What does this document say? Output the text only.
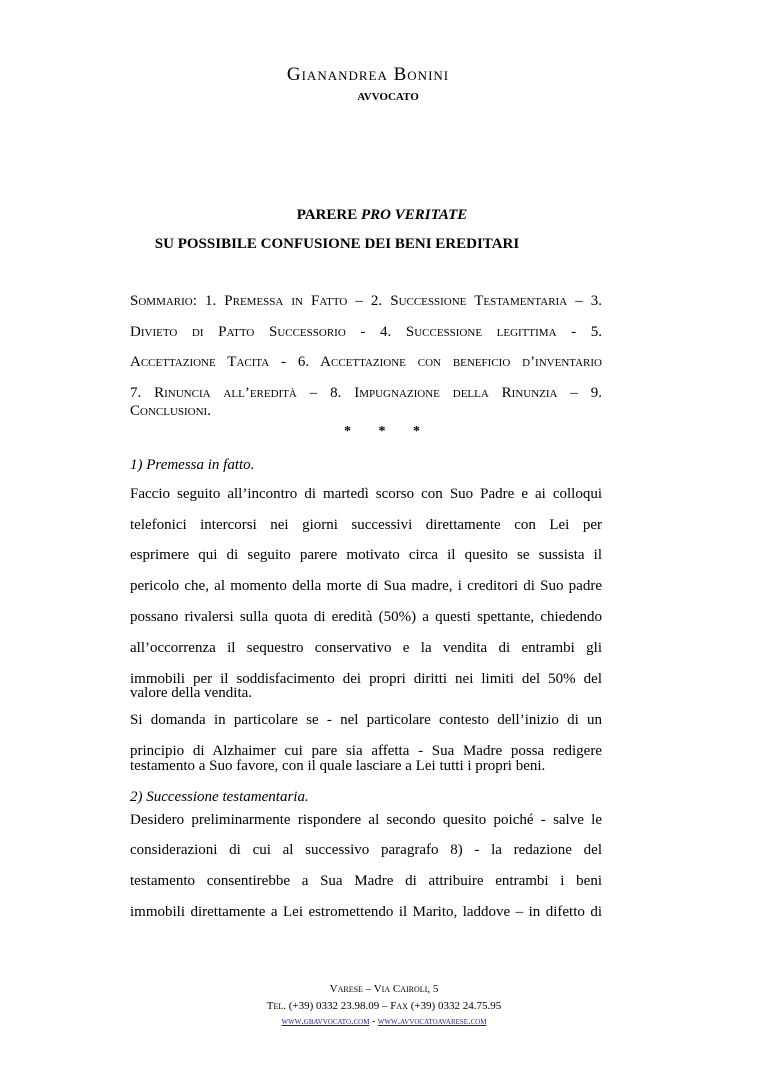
Gianandrea Bonini
AVVOCATO
PARERE PRO VERITATE
SU POSSIBILE CONFUSIONE DEI BENI EREDITARI
Sommario: 1. Premessa in Fatto – 2. Successione Testamentaria – 3.
Divieto di Patto Successorio - 4. Successione legittima - 5.
Accettazione Tacita - 6. Accettazione con beneficio d’inventario
7. Rinuncia all’eredità – 8. Impugnazione della Rinunzia – 9.
Conclusioni.
* * *
1) Premessa in fatto.
Faccio seguito all’incontro di martedì scorso con Suo Padre e ai colloqui
telefonici intercorsi nei giorni successivi direttamente con Lei per
esprimere qui di seguito parere motivato circa il quesito se sussista il
pericolo che, al momento della morte di Sua madre, i creditori di Suo padre
possano rivalersi sulla quota di eredità (50%) a questi spettante, chiedendo
all’occorrenza il sequestro conservativo e la vendita di entrambi gli
immobili per il soddisfacimento dei propri diritti nei limiti del 50% del
valore della vendita.
Si domanda in particolare se - nel particolare contesto dell’inizio di un
principio di Alzhaimer cui pare sia affetta - Sua Madre possa redigere
testamento a Suo favore, con il quale lasciare a Lei tutti i propri beni.
2) Successione testamentaria.
Desidero preliminarmente rispondere al secondo quesito poiché - salve le
considerazioni di cui al successivo paragrafo 8) - la redazione del
testamento consentirebbe a Sua Madre di attribuire entrambi i beni
immobili direttamente a Lei estromettendo il Marito, laddove – in difetto di
Varese – Via Cairoli, 5
Tel. (+39) 0332 23.98.09 – Fax (+39) 0332 24.75.95
www.gbavvocato.com - www.avvocatoavarese.com
